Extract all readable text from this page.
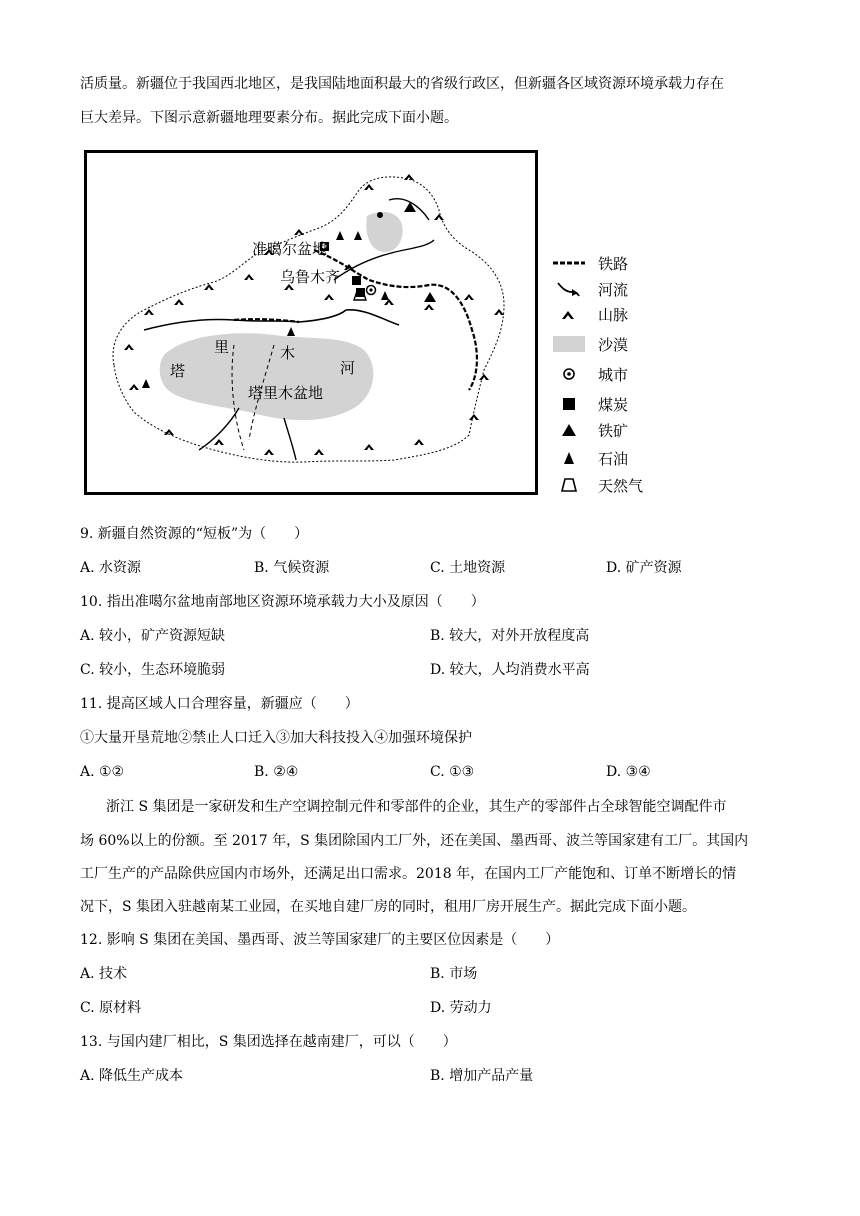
活质量。新疆位于我国西北地区，是我国陆地面积最大的省级行政区，但新疆各区域资源环境承载力存在
巨大差异。下图示意新疆地理要素分布。据此完成下面小题。
准噶尔盆地
乌鲁木齐
塔
里	木
河
塔里木盆地
铁路
河流
山脉
沙漠
城市
煤炭
铁矿
石油
天然气
9. 新疆自然资源的“短板”为（　　）
A. 水资源	B. 气候资源	C. 土地资源	D. 矿产资源
10. 指出准噶尔盆地南部地区资源环境承载力大小及原因（　　）
A. 较小，矿产资源短缺	B. 较大，对外开放程度高
C. 较小，生态环境脆弱	D. 较大，人均消费水平高
11. 提高区域人口合理容量，新疆应（　　）
①大量开垦荒地②禁止人口迁入③加大科技投入④加强环境保护
A. ①②	B. ②④	C. ①③	D. ③④
浙江 S 集团是一家研发和生产空调控制元件和零部件的企业，其生产的零部件占全球智能空调配件市
场 60%以上的份额。至 2017 年，S 集团除国内工厂外，还在美国、墨西哥、波兰等国家建有工厂。其国内
工厂生产的产品除供应国内市场外，还满足出口需求。2018 年，在国内工厂产能饱和、订单不断增长的情
况下，S 集团入驻越南某工业园，在买地自建厂房的同时，租用厂房开展生产。据此完成下面小题。
12. 影响 S 集团在美国、墨西哥、波兰等国家建厂的主要区位因素是（　　）
A. 技术	B. 市场
C. 原材料	D. 劳动力
13. 与国内建厂相比，S 集团选择在越南建厂，可以（　　）
A. 降低生产成本	B. 增加产品产量
